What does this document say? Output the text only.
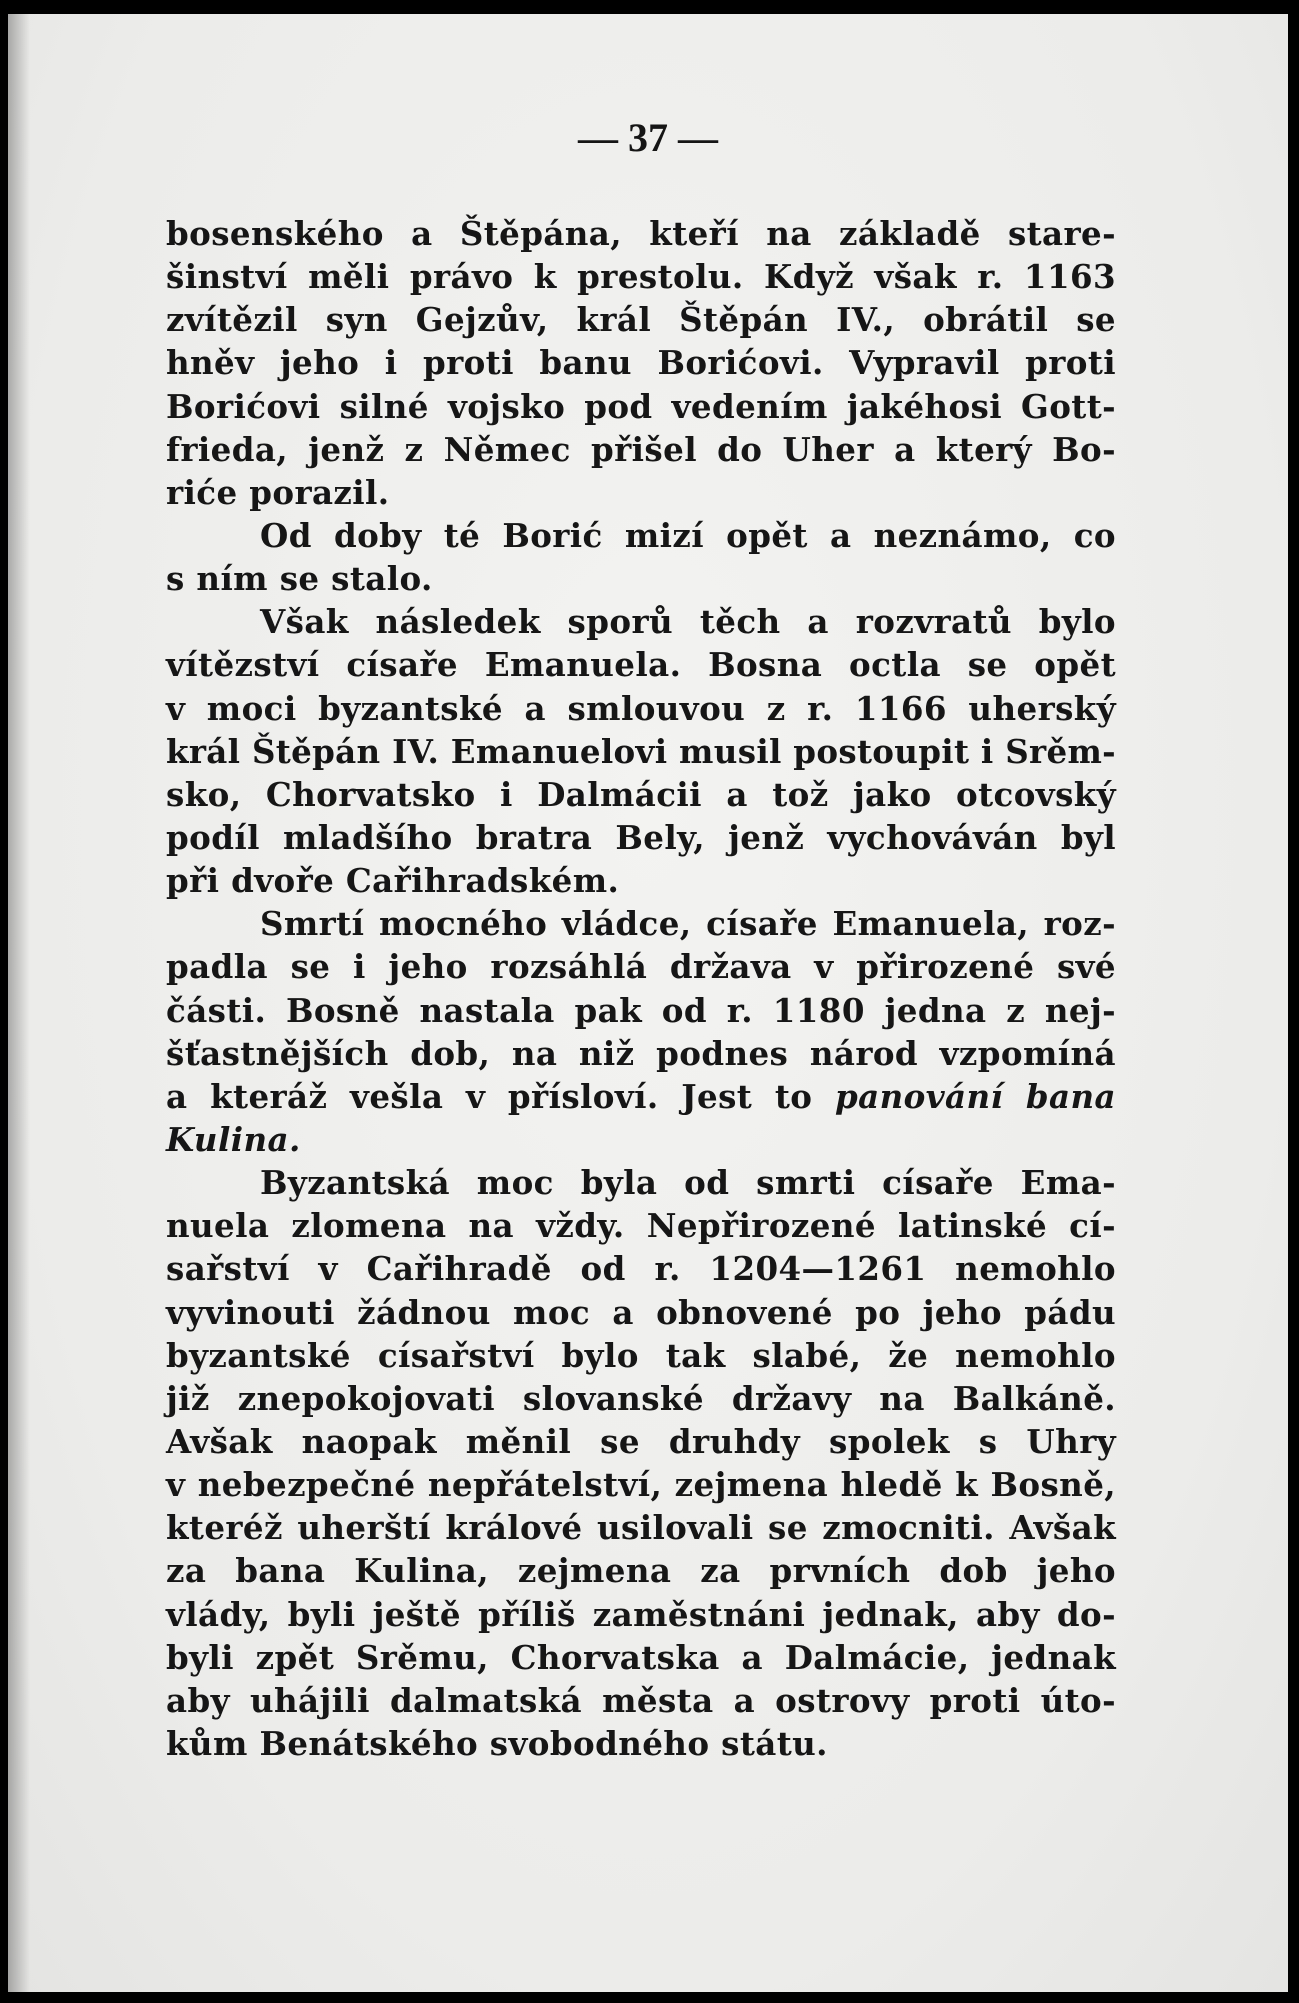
— 37 —
bosenského a Štěpána, kteří na základě stare-
šinství měli právo k prestolu. Když však r. 1163
zvítězil syn Gejzův, král Štěpán IV., obrátil se
hněv jeho i proti banu Borićovi. Vypravil proti
Borićovi silné vojsko pod vedením jakéhosi Gott-
frieda, jenž z Němec přišel do Uher a který Bo-
riće porazil.
Od doby té Borić mizí opět a neznámo, co
s ním se stalo.
Však následek sporů těch a rozvratů bylo
vítězství císaře Emanuela. Bosna octla se opět
v moci byzantské a smlouvou z r. 1166 uherský
král Štěpán IV. Emanuelovi musil postoupit i Srěm-
sko, Chorvatsko i Dalmácii a tož jako otcovský
podíl mladšího bratra Bely, jenž vychováván byl
při dvoře Cařihradském.
Smrtí mocného vládce, císaře Emanuela, roz-
padla se i jeho rozsáhlá država v přirozené své
části. Bosně nastala pak od r. 1180 jedna z nej-
šťastnějších dob, na niž podnes národ vzpomíná
a kteráž vešla v přísloví. Jest to panování bana
Kulina.
Byzantská moc byla od smrti císaře Ema-
nuela zlomena na vždy. Nepřirozené latinské cí-
sařství v Cařihradě od r. 1204—1261 nemohlo
vyvinouti žádnou moc a obnovené po jeho pádu
byzantské císařství bylo tak slabé, že nemohlo
již znepokojovati slovanské državy na Balkáně.
Avšak naopak měnil se druhdy spolek s Uhry
v nebezpečné nepřátelství, zejmena hledě k Bosně,
kteréž uherští králové usilovali se zmocniti. Avšak
za bana Kulina, zejmena za prvních dob jeho
vlády, byli ještě příliš zaměstnáni jednak, aby do-
byli zpět Srěmu, Chorvatska a Dalmácie, jednak
aby uhájili dalmatská města a ostrovy proti úto-
kům Benátského svobodného státu.
